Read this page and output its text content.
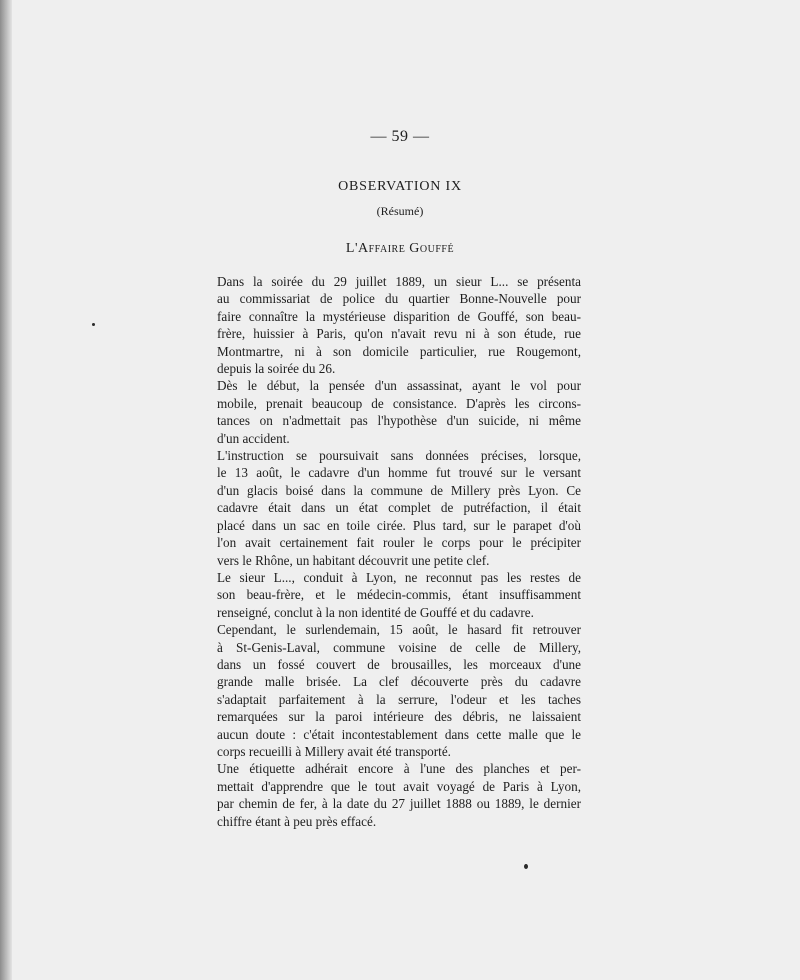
— 59 —
OBSERVATION IX
(Résumé)
L'Affaire Gouffé

Dans la soirée du 29 juillet 1889, un sieur L... se présenta
au commissariat de police du quartier Bonne-Nouvelle pour
faire connaître la mystérieuse disparition de Gouffé, son beau-
frère, huissier à Paris, qu'on n'avait revu ni à son étude, rue
Montmartre, ni à son domicile particulier, rue Rougemont,
depuis la soirée du 26.

Dès le début, la pensée d'un assassinat, ayant le vol pour
mobile, prenait beaucoup de consistance. D'après les circons-
tances on n'admettait pas l'hypothèse d'un suicide, ni même
d'un accident.

L'instruction se poursuivait sans données précises, lorsque,
le 13 août, le cadavre d'un homme fut trouvé sur le versant
d'un glacis boisé dans la commune de Millery près Lyon. Ce
cadavre était dans un état complet de putréfaction, il était
placé dans un sac en toile cirée. Plus tard, sur le parapet d'où
l'on avait certainement fait rouler le corps pour le précipiter
vers le Rhône, un habitant découvrit une petite clef.

Le sieur L..., conduit à Lyon, ne reconnut pas les restes de
son beau-frère, et le médecin-commis, étant insuffisamment
renseigné, conclut à la non identité de Gouffé et du cadavre.

Cependant, le surlendemain, 15 août, le hasard fit retrouver
à St-Genis-Laval, commune voisine de celle de Millery,
dans un fossé couvert de brousailles, les morceaux d'une
grande malle brisée. La clef découverte près du cadavre
s'adaptait parfaitement à la serrure, l'odeur et les taches
remarquées sur la paroi intérieure des débris, ne laissaient
aucun doute : c'était incontestablement dans cette malle que le
corps recueilli à Millery avait été transporté.

Une étiquette adhérait encore à l'une des planches et per-
mettait d'apprendre que le tout avait voyagé de Paris à Lyon,
par chemin de fer, à la date du 27 juillet 1888 ou 1889, le dernier
chiffre étant à peu près effacé.
